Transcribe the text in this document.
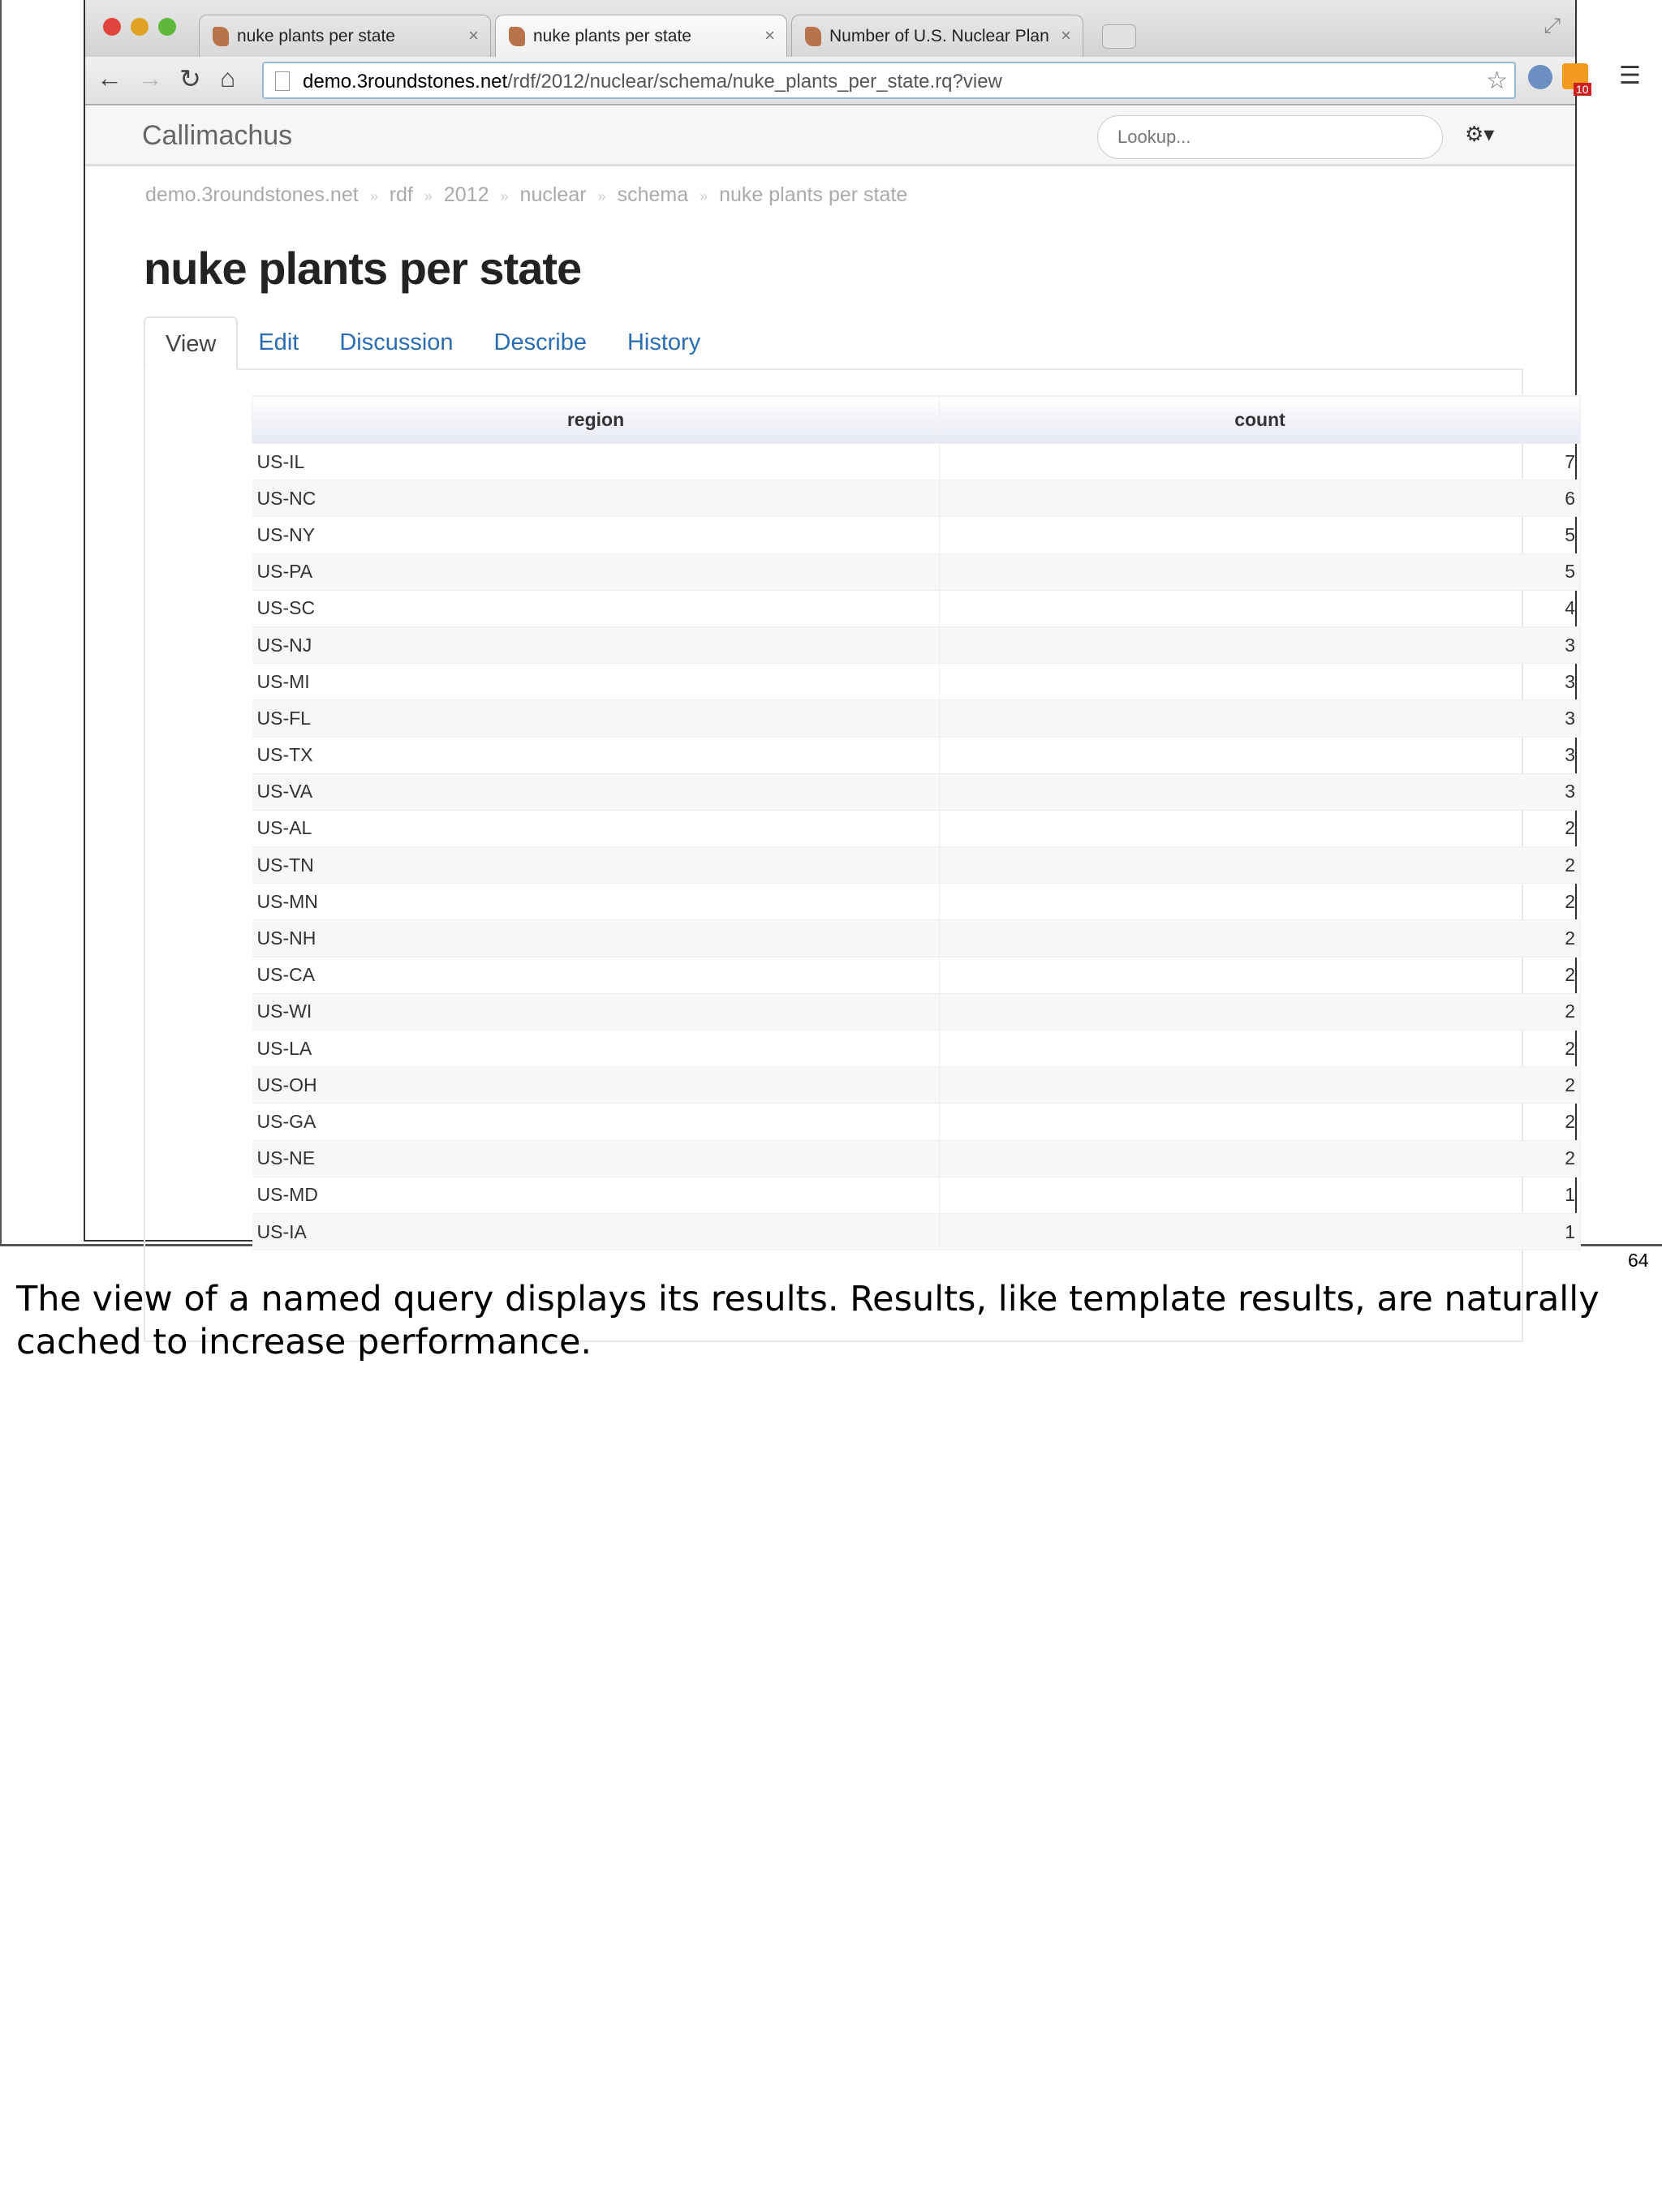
nuke plants per state	×	nuke plants per state	×	Number of U.S. Nuclear Plan ×	⤢
← → ↻ ⌂	demo.3roundstones.net/rdf/2012/nuclear/schema/nuke_plants_per_state.rq?view	☆	10 ☰
Callimachus
Lookup...	⚙▾
demo.3roundstones.net » rdf » 2012 » nuclear » schema » nuke plants per state
nuke plants per state
View	Edit	Discussion	Describe	History
region	count
US-IL	7
US-NC	6
US-NY	5
US-PA	5
US-SC	4
US-NJ	3
US-MI	3
US-FL	3
US-TX	3
US-VA	3
US-AL	2
US-TN	2
US-MN	2
US-NH	2
US-CA	2
US-WI	2
US-LA	2
US-OH	2
US-GA	2
US-NE	2
US-MD	1
US-IA	1
64
The view of a named query displays its results. Results, like template results, are naturally cached to increase performance.
